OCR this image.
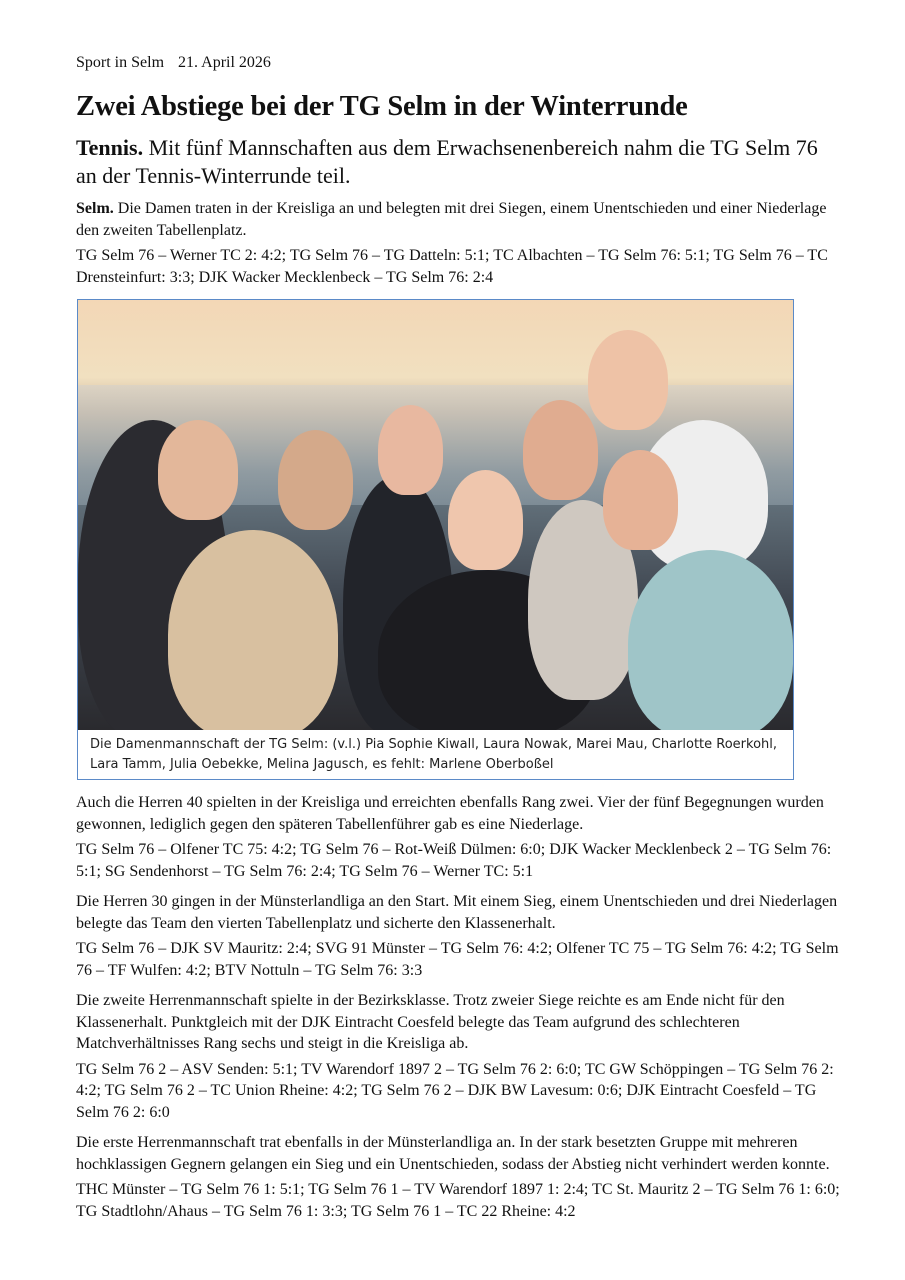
Sport in Selm 21. April 2026
Zwei Abstiege bei der TG Selm in der Winterrunde
Tennis. Mit fünf Mannschaften aus dem Erwachsenenbereich nahm die TG Selm 76 an der Tennis-Winterrunde teil.

Selm. Die Damen traten in der Kreisliga an und belegten mit drei Siegen, einem Unentschieden und einer Niederlage den zweiten Tabellenplatz.

TG Selm 76 – Werner TC 2: 4:2; TG Selm 76 – TG Datteln: 5:1; TC Albachten – TG Selm 76: 5:1; TG Selm 76 – TC Drensteinfurt: 3:3; DJK Wacker Mecklenbeck – TG Selm 76: 2:4

Die Damenmannschaft der TG Selm: (v.l.) Pia Sophie Kiwall, Laura Nowak, Marei Mau, Charlotte Roerkohl, Lara Tamm, Julia Oebekke, Melina Jagusch, es fehlt: Marlene Oberboßel

Auch die Herren 40 spielten in der Kreisliga und erreichten ebenfalls Rang zwei. Vier der fünf Begegnungen wurden gewonnen, lediglich gegen den späteren Tabellenführer gab es eine Niederlage.

TG Selm 76 – Olfener TC 75: 4:2; TG Selm 76 – Rot-Weiß Dülmen: 6:0; DJK Wacker Mecklenbeck 2 – TG Selm 76: 5:1; SG Sendenhorst – TG Selm 76: 2:4; TG Selm 76 – Werner TC: 5:1

Die Herren 30 gingen in der Münsterlandliga an den Start. Mit einem Sieg, einem Unentschieden und drei Niederlagen belegte das Team den vierten Tabellenplatz und sicherte den Klassenerhalt.

TG Selm 76 – DJK SV Mauritz: 2:4; SVG 91 Münster – TG Selm 76: 4:2; Olfener TC 75 – TG Selm 76: 4:2; TG Selm 76 – TF Wulfen: 4:2; BTV Nottuln – TG Selm 76: 3:3

Die zweite Herrenmannschaft spielte in der Bezirksklasse. Trotz zweier Siege reichte es am Ende nicht für den Klassenerhalt. Punktgleich mit der DJK Eintracht Coesfeld belegte das Team aufgrund des schlechteren Matchverhältnisses Rang sechs und steigt in die Kreisliga ab.

TG Selm 76 2 – ASV Senden: 5:1; TV Warendorf 1897 2 – TG Selm 76 2: 6:0; TC GW Schöppingen – TG Selm 76 2: 4:2; TG Selm 76 2 – TC Union Rheine: 4:2; TG Selm 76 2 – DJK BW Lavesum: 0:6; DJK Eintracht Coesfeld – TG Selm 76 2: 6:0

Die erste Herrenmannschaft trat ebenfalls in der Münsterlandliga an. In der stark besetzten Gruppe mit mehreren hochklassigen Gegnern gelangen ein Sieg und ein Unentschieden, sodass der Abstieg nicht verhindert werden konnte.

THC Münster – TG Selm 76 1: 5:1; TG Selm 76 1 – TV Warendorf 1897 1: 2:4; TC St. Mauritz 2 – TG Selm 76 1: 6:0; TG Stadtlohn/Ahaus – TG Selm 76 1: 3:3; TG Selm 76 1 – TC 22 Rheine: 4:2
